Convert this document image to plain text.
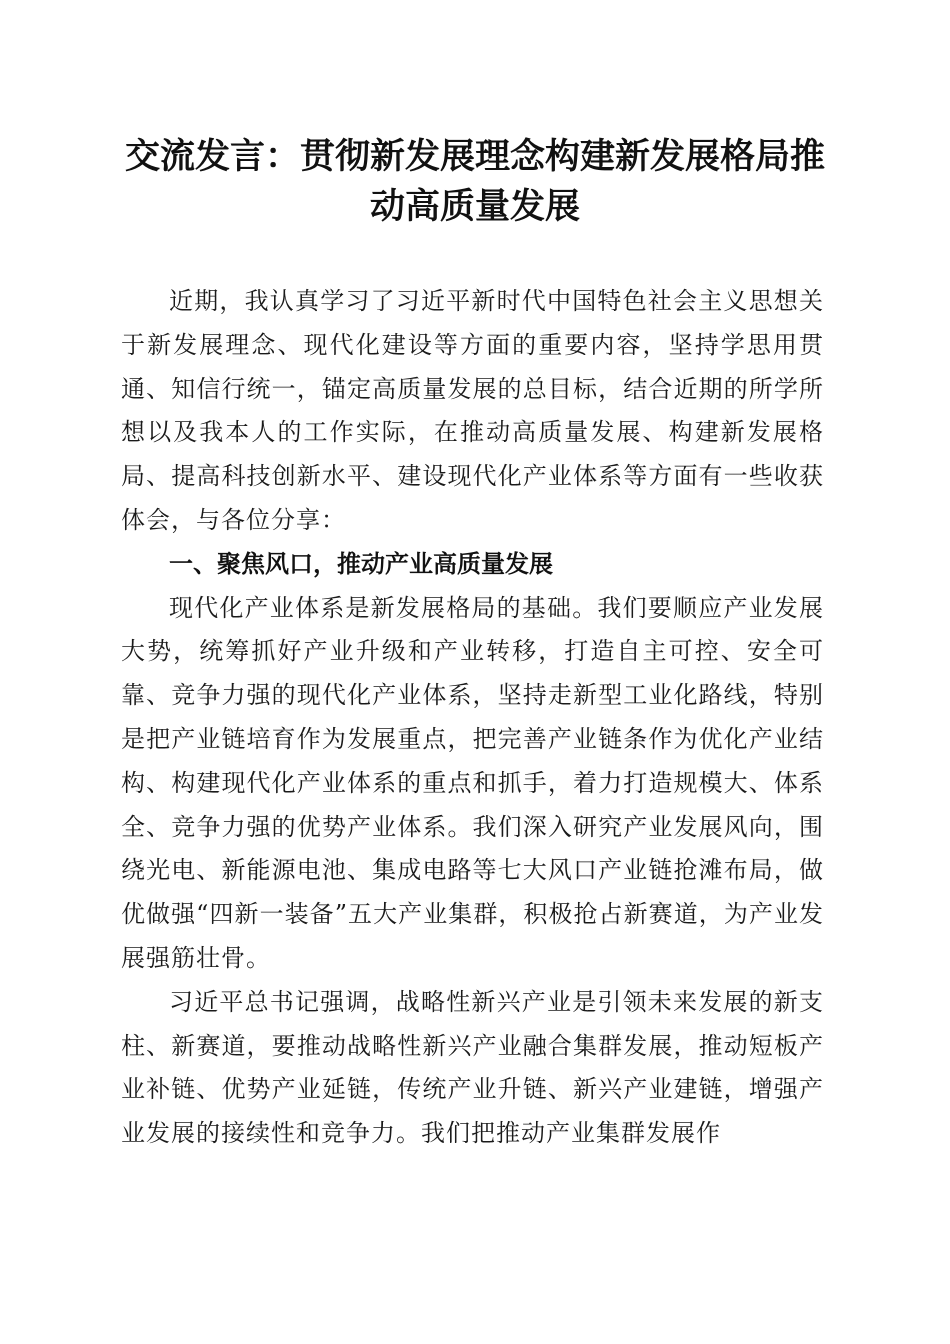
交流发言：贯彻新发展理念构建新发展格局推动高质量发展

近期，我认真学习了习近平新时代中国特色社会主义思想关于新发展理念、现代化建设等方面的重要内容，坚持学思用贯通、知信行统一，锚定高质量发展的总目标，结合近期的所学所想以及我本人的工作实际，在推动高质量发展、构建新发展格局、提高科技创新水平、建设现代化产业体系等方面有一些收获体会，与各位分享：

一、聚焦风口，推动产业高质量发展

现代化产业体系是新发展格局的基础。我们要顺应产业发展大势，统筹抓好产业升级和产业转移，打造自主可控、安全可靠、竞争力强的现代化产业体系，坚持走新型工业化路线，特别是把产业链培育作为发展重点，把完善产业链条作为优化产业结构、构建现代化产业体系的重点和抓手，着力打造规模大、体系全、竞争力强的优势产业体系。我们深入研究产业发展风向，围绕光电、新能源电池、集成电路等七大风口产业链抢滩布局，做优做强“四新一装备”五大产业集群，积极抢占新赛道，为产业发展强筋壮骨。

习近平总书记强调，战略性新兴产业是引领未来发展的新支柱、新赛道，要推动战略性新兴产业融合集群发展，推动短板产业补链、优势产业延链，传统产业升链、新兴产业建链，增强产业发展的接续性和竞争力。我们把推动产业集群发展作
